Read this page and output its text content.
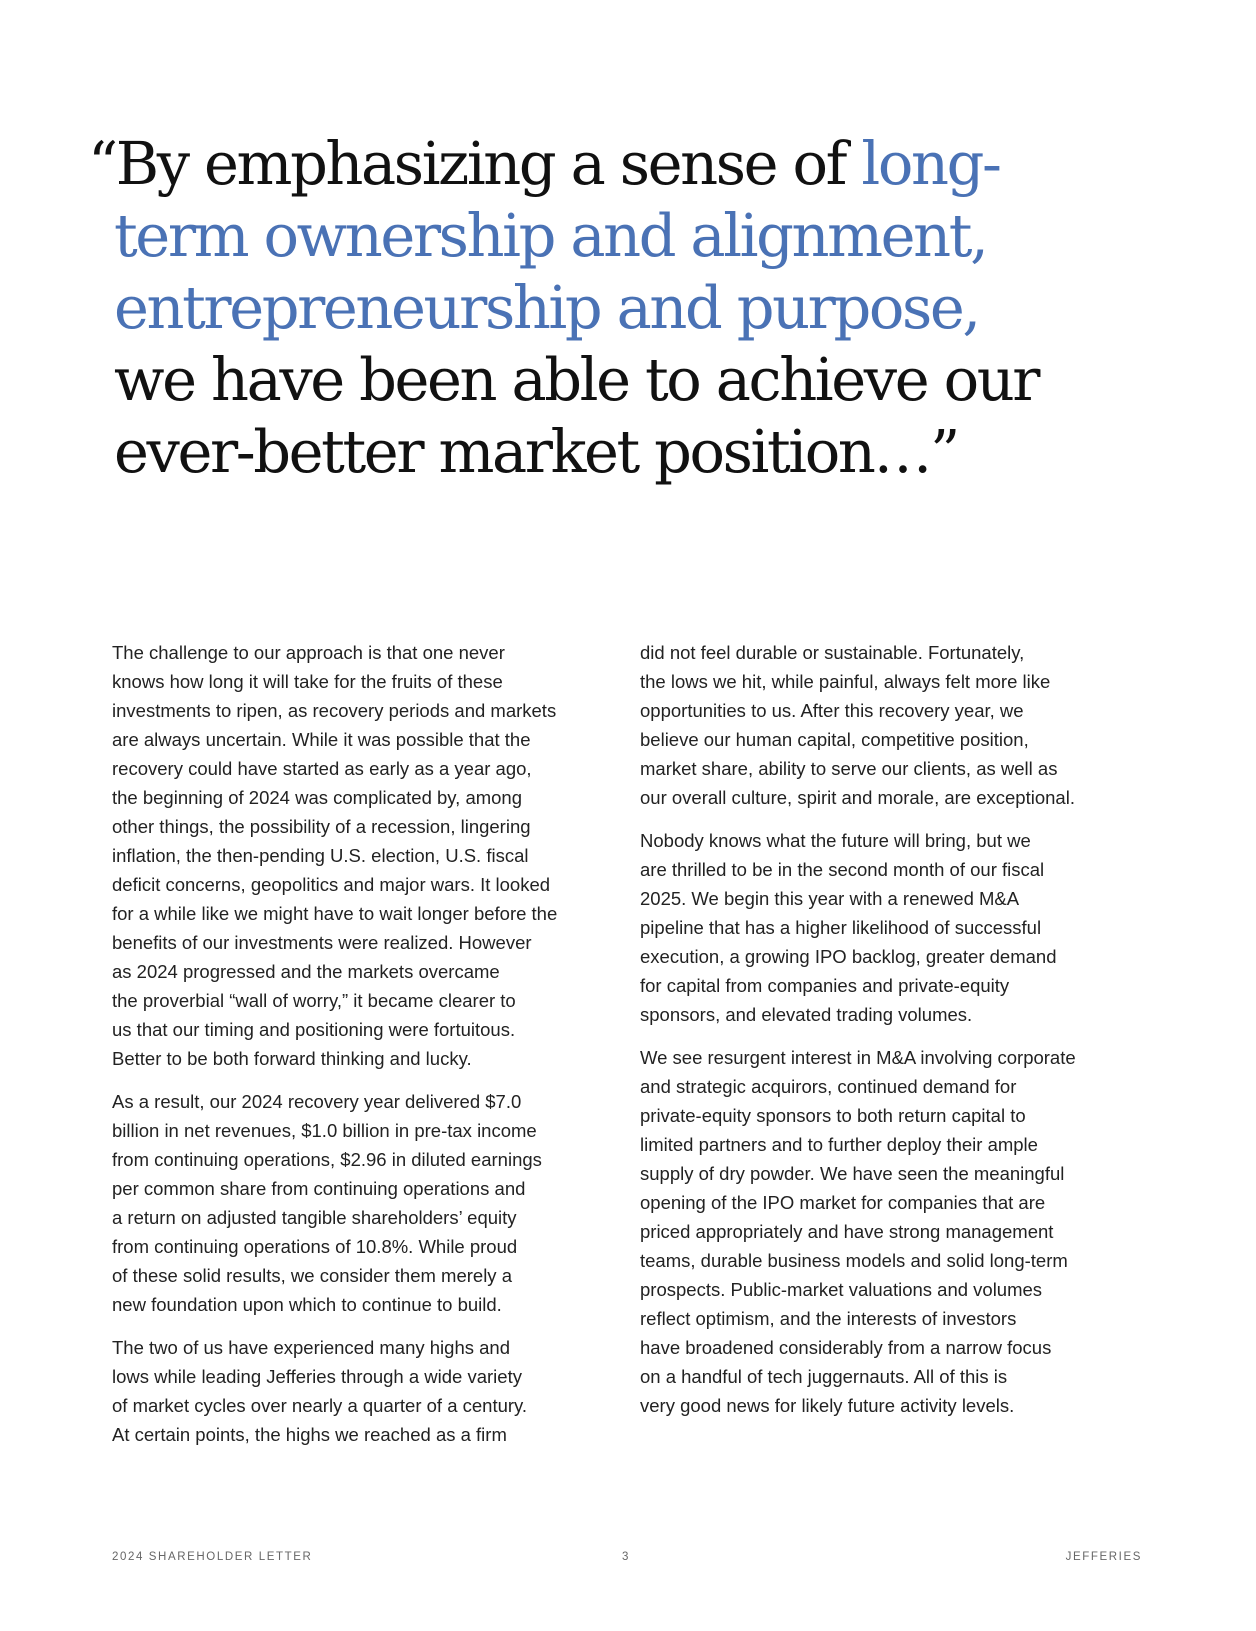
“By emphasizing a sense of long-
term ownership and alignment,
entrepreneurship and purpose,
we have been able to achieve our
ever-better market position…”

The challenge to our approach is that one never
knows how long it will take for the fruits of these
investments to ripen, as recovery periods and markets
are always uncertain. While it was possible that the
recovery could have started as early as a year ago,
the beginning of 2024 was complicated by, among
other things, the possibility of a recession, lingering
inflation, the then-pending U.S. election, U.S. fiscal
deficit concerns, geopolitics and major wars. It looked
for a while like we might have to wait longer before the
benefits of our investments were realized. However
as 2024 progressed and the markets overcame
the proverbial “wall of worry,” it became clearer to
us that our timing and positioning were fortuitous.
Better to be both forward thinking and lucky.

As a result, our 2024 recovery year delivered $7.0
billion in net revenues, $1.0 billion in pre-tax income
from continuing operations, $2.96 in diluted earnings
per common share from continuing operations and
a return on adjusted tangible shareholders’ equity
from continuing operations of 10.8%. While proud
of these solid results, we consider them merely a
new foundation upon which to continue to build.

The two of us have experienced many highs and
lows while leading Jefferies through a wide variety
of market cycles over nearly a quarter of a century.
At certain points, the highs we reached as a firm

did not feel durable or sustainable. Fortunately,
the lows we hit, while painful, always felt more like
opportunities to us. After this recovery year, we
believe our human capital, competitive position,
market share, ability to serve our clients, as well as
our overall culture, spirit and morale, are exceptional.

Nobody knows what the future will bring, but we
are thrilled to be in the second month of our fiscal
2025. We begin this year with a renewed M&A
pipeline that has a higher likelihood of successful
execution, a growing IPO backlog, greater demand
for capital from companies and private-equity
sponsors, and elevated trading volumes.

We see resurgent interest in M&A involving corporate
and strategic acquirors, continued demand for
private-equity sponsors to both return capital to
limited partners and to further deploy their ample
supply of dry powder. We have seen the meaningful
opening of the IPO market for companies that are
priced appropriately and have strong management
teams, durable business models and solid long-term
prospects. Public-market valuations and volumes
reflect optimism, and the interests of investors
have broadened considerably from a narrow focus
on a handful of tech juggernauts. All of this is
very good news for likely future activity levels.

2024 SHAREHOLDER LETTER	3	JEFFERIES
